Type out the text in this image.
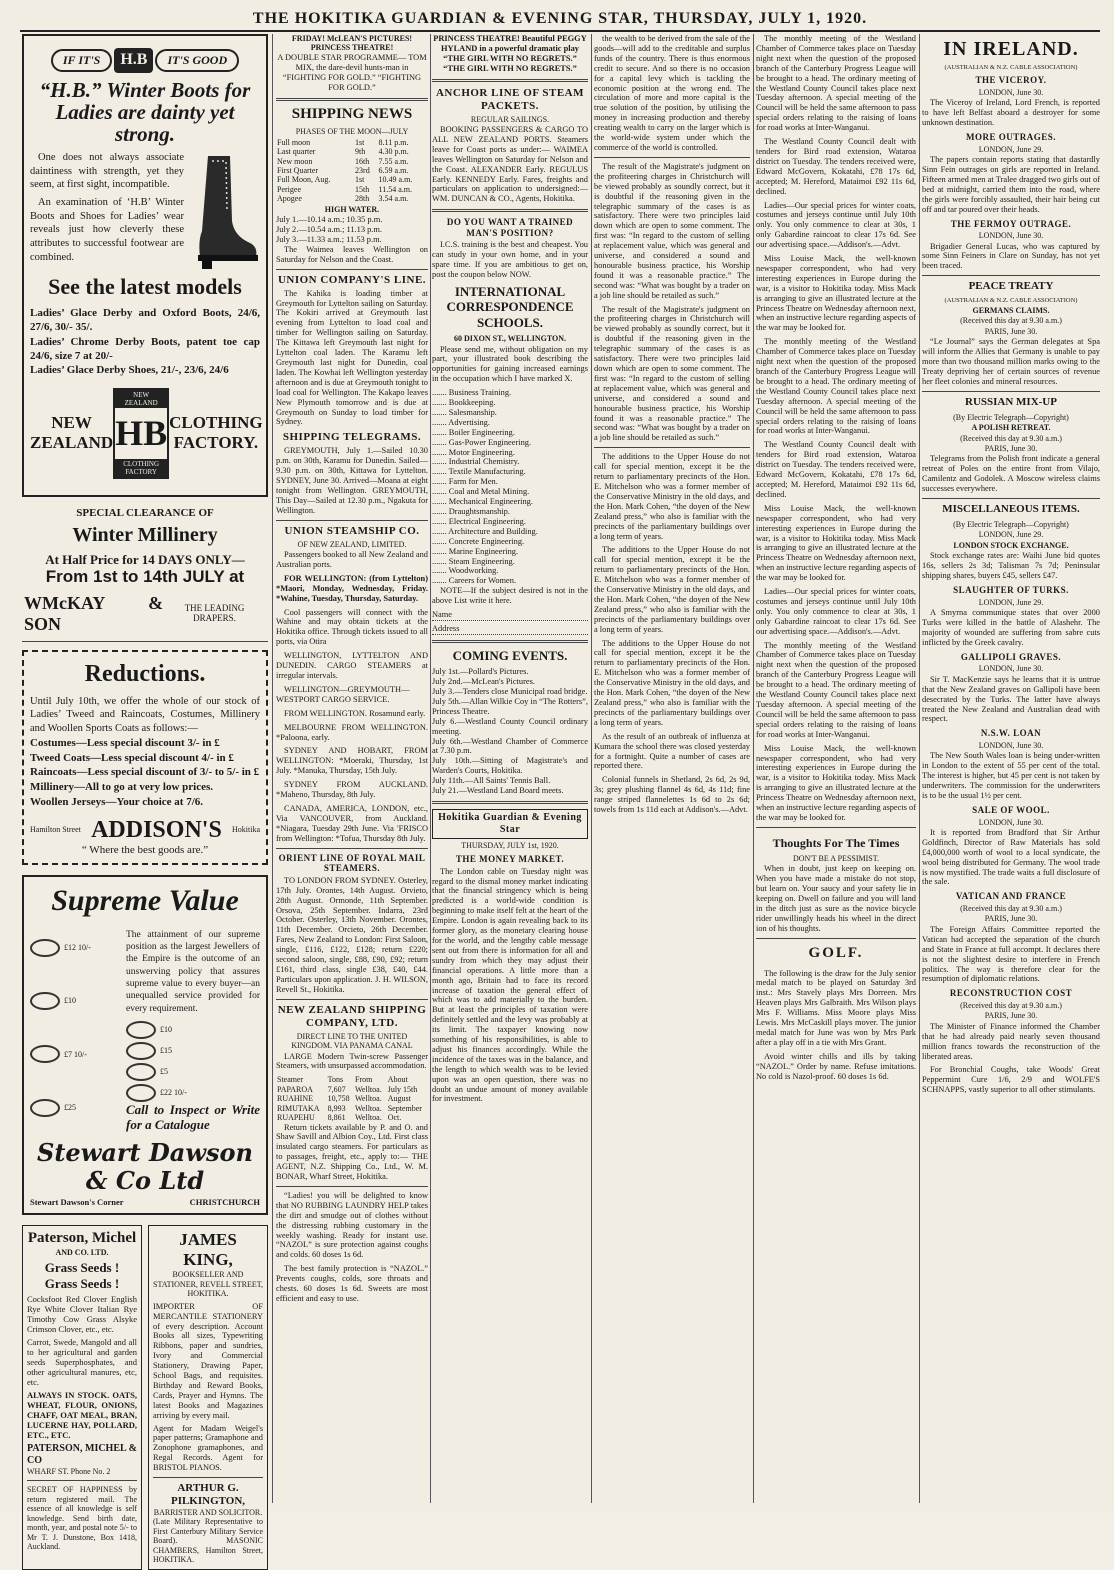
THE HOKITIKA GUARDIAN & EVENING STAR, THURSDAY, JULY 1, 1920.
IF IT'S	H.B	IT'S GOOD
“H.B.” Winter Boots for Ladies are dainty yet strong.

One does not always associate daintiness with strength, yet they seem, at first sight, incompatible.

An examination of ‘H.B’ Winter Boots and Shoes for Ladies’ wear reveals just how cleverly these attributes to successful footwear are combined.

See the latest models
Ladies’ Glace Derby and Oxford Boots, 24/6, 27/6, 30/- 35/.
Ladies’ Chrome Derby Boots, patent toe cap 24/6, size 7 at 20/-
Ladies’ Glace Derby Shoes, 21/-, 23/6, 24/6
NEW ZEALAND
NEW ZEALAND
HB
CLOTHING FACTORY
CLOTHING FACTORY.
SPECIAL CLEARANCE OF
Winter Millinery
At Half Price for 14 DAYS ONLY—
From 1st to 14th JULY at
WMcKAY & SON
THE LEADING DRAPERS.
Reductions.
Until July 10th, we offer the whole of our stock of Ladies’ Tweed and Raincoats, Costumes, Millinery and Woollen Sports Coats as follows:—
Costumes—Less special discount 3/- in £
Tweed Coats—Less special discount 4/- in £
Raincoats—Less special discount of 3/- to 5/- in £
Millinery—All to go at very low prices.
Woollen Jerseys—Your choice at 7/6.
Hamilton Street ADDISON'S Hokitika
“ Where the best goods are.”
Supreme Value
£12 10/-
£10
£7 10/-
£25
The attainment of our supreme position as the largest Jewellers of the Empire is the outcome of an unswerving policy that assures supreme value to every buyer—an unequalled service provided for every requirement.
£10
£15
£5
£22 10/-
Call to Inspect or Write for a Catalogue
Stewart Dawson & Co Ltd
Stewart Dawson's Corner	CHRISTCHURCH
Paterson, Michel
AND CO. LTD.
Grass Seeds ! Grass Seeds !
Cocksfoot Red Clover English Rye White Clover Italian Rye Timothy Cow Grass Alsyke Crimson Clover, etc., etc.
Carrot, Swede, Mangold and all to her agricultural and garden seeds Superphosphates, and other agricultural manures, etc, etc.
ALWAYS IN STOCK. OATS, WHEAT, FLOUR, ONIONS, CHAFF, OAT MEAL, BRAN, LUCERNE HAY, POLLARD, ETC., ETC.
PATERSON, MICHEL & CO
WHARF ST. Phone No. 2
SECRET OF HAPPINESS by return registered mail. The essence of all knowledge is self knowledge. Send birth date, month, year, and postal note 5/- to Mr T. J. Dunstone, Box 1418, Auckland.
JAMES KING,
BOOKSELLER AND STATIONER, REVELL STREET, HOKITIKA.
IMPORTER OF MERCANTILE STATIONERY of every description. Account Books all sizes, Typewriting Ribbons, paper and sundries, Ivory and Commercial Stationery, Drawing Paper, School Bags, and requisites. Birthday and Reward Books, Cards, Prayer and Hymns. The latest Books and Magazines arriving by every mail.
Agent for Madam Weigel's paper patterns; Gramaphone and Zonophone gramaphones, and Regal Records. Agent for BRISTOL PIANOS.
ARTHUR G. PILKINGTON,
BARRISTER AND SOLICITOR.
(Late Military Representative to First Canterbury Military Service Board). MASONIC CHAMBERS, Hamilton Street, HOKITIKA.
FRIDAY! McLEAN'S PICTURES! PRINCESS THEATRE!
A DOUBLE STAR PROGRAMME— TOM MIX, the dare-devil hunts-man in “FIGHTING FOR GOLD.” “FIGHTING FOR GOLD.”
SHIPPING NEWS
PHASES OF THE MOON—JULY
Full moon	1st	8.11 p.m.
Last quarter	9th	4.30 p.m.
New moon	16th	7.55 a.m.
First Quarter	23rd	6.59 a.m.
Full Moon, Aug.	1st	10.49 a.m.
Perigee	15th	11.54 a.m.
Apogee	28th	3.54 a.m.
HIGH WATER.
July 1.—10.14 a.m.; 10.35 p.m.
July 2.—10.54 a.m.; 11.13 p.m.
July 3.—11.33 a.m.; 11.53 p.m.

The Waimea leaves Wellington on Saturday for Nelson and the Coast.

UNION COMPANY'S LINE.

The Kahika is loading timber at Greymouth for Lyttelton sailing on Saturday. The Kokiri arrived at Greymouth last evening from Lyttelton to load coal and timber for Wellington sailing on Saturday. The Kittawa left Greymouth last night for Lyttelton coal laden. The Karamu left Greymouth last night for Dunedin, coal laden. The Kowhai left Wellington yesterday afternoon and is due at Greymouth tonight to load coal for Wellington. The Kakapo leaves New Plymouth tomorrow and is due at Greymouth on Sunday to load timber for Sydney.

SHIPPING TELEGRAMS.

GREYMOUTH, July 1.—Sailed 10.30 p.m. on 30th, Karamu for Dunedin. Sailed—9.30 p.m. on 30th, Kittawa for Lyttelton. SYDNEY, June 30. Arrived—Moana at eight tonight from Wellington. GREYMOUTH, This Day—Sailed at 12.30 p.m., Ngakuta for Wellington.

UNION STEAMSHIP CO.
OF NEW ZEALAND, LIMITED.

Passengers booked to all New Zealand and Australian ports.

FOR WELLINGTON: (from Lyttelton) *Maori, Monday, Wednesday, Friday. *Wahine, Tuesday, Thursday, Saturday.

Cool passengers will connect with the Wahine and may obtain tickets at the Hokitika office. Through tickets issued to all ports, via Otira

WELLINGTON, LYTTELTON AND DUNEDIN. CARGO STEAMERS at irregular intervals.

WELLINGTON—GREYMOUTH—WESTPORT CARGO SERVICE.

FROM WELLINGTON. Rosamund early.

MELBOURNE FROM WELLINGTON. *Paloona, early.

SYDNEY AND HOBART, FROM WELLINGTON: *Moeraki, Thursday, 1st July. *Manuka, Thursday, 15th July.

SYDNEY FROM AUCKLAND. *Maheno, Thursday, 8th July.

CANADA, AMERICA, LONDON, etc., Via VANCOUVER, from Auckland. *Niagara, Tuesday 29th June. Via 'FRISCO from Wellington: *Tofua, Thursday 8th July.

ORIENT LINE OF ROYAL MAIL STEAMERS.

TO LONDON FROM SYDNEY. Osterley, 17th July. Orontes, 14th August. Orvieto, 28th August. Ormonde, 11th September. Orsova, 25th September. Indarra, 23rd October. Osterley, 13th November. Orontes, 11th December. Orcieto, 26th December. Fares, New Zealand to London: First Saloon, single, £116, £122, £128; return £220; second saloon, single, £88, £90, £92; return £161, third class, single £38, £40, £44. Particulars upon application. J. H. WILSON, Revell St., Hokitika.

NEW ZEALAND SHIPPING COMPANY, LTD.
DIRECT LINE TO THE UNITED KINGDOM. VIA PANAMA CANAL

LARGE Modern Twin-screw Passenger Steamers, with unsurpassed accommodation.

Steamer	Tons	From	About
PAPAROA	7,607	Welltoa.	July 15th
RUAHINE	10,758	Welltoa.	August
RIMUTAKA	8,993	Welltoa.	September
RUAPEHU	8,861	Welltoa.	Oct.

Return tickets available by P. and O. and Shaw Savill and Albion Coy., Ltd. First class insulated cargo steamers. For particulars as to passages, freight, etc., apply to:— THE AGENT, N.Z. Shipping Co., Ltd., W. M. BONAR, Wharf Street, Hokitika.

“Ladies! you will be delighted to know that NO RUBBING LAUNDRY HELP takes the dirt and smudge out of clothes without the distressing rubbing customary in the weekly washing. Ready for instant use. “NAZOL” is sure protection against coughs and colds. 60 doses 1s 6d.

The best family protection is “NAZOL.” Prevents coughs, colds, sore throats and chests. 60 doses 1s 6d. Sweets are most efficient and easy to use.

PRINCESS THEATRE! Beautiful PEGGY HYLAND in a powerful dramatic play “THE GIRL WITH NO REGRETS.” “THE GIRL WITH NO REGRETS.”
ANCHOR LINE OF STEAM PACKETS.
REGULAR SAILINGS.

BOOKING PASSENGERS & CARGO TO ALL NEW ZEALAND PORTS. Steamers leave for Coast ports as under:— WAIMEA leaves Wellington on Saturday for Nelson and the Coast. ALEXANDER Early. REGULUS Early. KENNEDY Early. Fares, freights and particulars on application to undersigned:— WM. DUNCAN & CO., Agents, Hokitika.

DO YOU WANT A TRAINED MAN'S POSITION?

I.C.S. training is the best and cheapest. You can study in your own home, and in your spare time. If you are ambitious to get on, post the coupon below NOW.

INTERNATIONAL CORRESPONDENCE SCHOOLS.
60 DIXON ST., WELLINGTON.

Please send me, without obligation on my part, your illustrated book describing the opportunities for gaining increased earnings in the occupation which I have marked X.

....... Business Training.
....... Bookkeeping.
....... Salesmanship.
....... Advertising.
....... Boiler Engineering.
....... Gas-Power Engineering.
....... Motor Engineering.
....... Industrial Chemistry.
....... Textile Manufacturing.
....... Farm for Men.
....... Coal and Metal Mining.
....... Mechanical Engineering.
....... Draughtsmanship.
....... Electrical Engineering.
....... Architecture and Building.
....... Concrete Engineering.
....... Marine Engineering.
....... Steam Engineering.
....... Woodworking.
....... Careers for Women.

NOTE—If the subject desired is not in the above List write it here.

Name
Address
COMING EVENTS.
July 1st.—Pollard's Pictures.
July 2nd.—McLean's Pictures.
July 3.—Tenders close Municipal road bridge.
July 5th.—Allan Wilkie Coy in “The Rotters”, Princess Theatre.
July 6.—Westland County Council ordinary meeting.
July 6th.—Westland Chamber of Commerce at 7.30 p.m.
July 10th.—Sitting of Magistrate's and Warden's Courts, Hokitika.
July 11th.—All Saints' Tennis Ball.
July 21.—Westland Land Board meets.
Hokitika Guardian & Evening Star
THURSDAY, JULY 1st, 1920.
THE MONEY MARKET.

The London cable on Tuesday night was regard to the dismal money market indicating that the financial stringency which is being predicted is a world-wide condition is beginning to make itself felt at the heart of the Empire. London is again revealing back to its former glory, as the monetary clearing house for the world, and the lengthy cable message sent out from there is information for all and sundry from which they may adjust their financial operations. A little more than a month ago, Britain had to face its record increase of taxation the general effect of which was to add materially to the burden. But at least the principles of taxation were definitely settled and the levy was probably at its limit. The taxpayer knowing now something of his responsibilities, is able to adjust his finances accordingly. While the incidence of the taxes was in the balance, and the length to which wealth was to be levied upon was an open question, there was no doubt an undue amount of money available for investment.

the wealth to be derived from the sale of the goods—will add to the creditable and surplus funds of the country. There is thus enormous credit to secure. And so there is no occasion for a capital levy which is tackling the economic position at the wrong end. The circulation of more and more capital is the true solution of the position, by utilising the money in increasing production and thereby creating wealth to carry on the larger which is the world-wide system under which the commerce of the world is controlled.

The result of the Magistrate's judgment on the profiteering charges in Christchurch will be viewed probably as soundly correct, but it is doubtful if the reasoning given in the telegraphic summary of the cases is as satisfactory. There were two principles laid down which are open to some comment. The first was: “In regard to the custom of selling at replacement value, which was general and universe, and considered a sound and honourable business practice, his Worship found it was a reasonable practice.” The second was: “What was bought by a trader on a job line should be retailed as such.”

The result of the Magistrate's judgment on the profiteering charges in Christchurch will be viewed probably as soundly correct, but it is doubtful if the reasoning given in the telegraphic summary of the cases is as satisfactory. There were two principles laid down which are open to some comment. The first was: “In regard to the custom of selling at replacement value, which was general and universe, and considered a sound and honourable business practice, his Worship found it was a reasonable practice.” The second was: “What was bought by a trader on a job line should be retailed as such.”

The additions to the Upper House do not call for special mention, except it be the return to parliamentary precincts of the Hon. E. Mitchelson who was a former member of the Conservative Ministry in the old days, and the Hon. Mark Cohen, “the doyen of the New Zealand press,” who also is familiar with the precincts of the parliamentary buildings over a long term of years.

The additions to the Upper House do not call for special mention, except it be the return to parliamentary precincts of the Hon. E. Mitchelson who was a former member of the Conservative Ministry in the old days, and the Hon. Mark Cohen, “the doyen of the New Zealand press,” who also is familiar with the precincts of the parliamentary buildings over a long term of years.

The additions to the Upper House do not call for special mention, except it be the return to parliamentary precincts of the Hon. E. Mitchelson who was a former member of the Conservative Ministry in the old days, and the Hon. Mark Cohen, “the doyen of the New Zealand press,” who also is familiar with the precincts of the parliamentary buildings over a long term of years.

As the result of an outbreak of influenza at Kumara the school there was closed yesterday for a fortnight. Quite a number of cases are reported there.

Colonial funnels in Shetland, 2s 6d, 2s 9d, 3s; grey plushing flannel 4s 6d, 4s 11d; fine range striped flannelettes 1s 6d to 2s 6d; towels from 1s 11d each at Addison's.—Advt.

The monthly meeting of the Westland Chamber of Commerce takes place on Tuesday night next when the question of the proposed branch of the Canterbury Progress League will be brought to a head. The ordinary meeting of the Westland County Council takes place next Tuesday afternoon. A special meeting of the Council will be held the same afternoon to pass special orders relating to the raising of loans for road works at Inter-Wanganui.

The Westland County Council dealt with tenders for Bird road extension, Wataroa district on Tuesday. The tenders received were, Edward McGovern, Kokatahi, £78 17s 6d, accepted; M. Hereford, Mataimoi £92 11s 6d, declined.

Ladies—Our special prices for winter coats, costumes and jerseys continue until July 10th only. You only commence to clear at 30s, 1 only Gabardine raincoat to clear 17s 6d. See our advertising space.—Addison's.—Advt.

Miss Louise Mack, the well-known newspaper correspondent, who had very interesting experiences in Europe during the war, is a visitor to Hokitika today. Miss Mack is arranging to give an illustrated lecture at the Princess Theatre on Wednesday afternoon next, when an instructive lecture regarding aspects of the war may be looked for.

The monthly meeting of the Westland Chamber of Commerce takes place on Tuesday night next when the question of the proposed branch of the Canterbury Progress League will be brought to a head. The ordinary meeting of the Westland County Council takes place next Tuesday afternoon. A special meeting of the Council will be held the same afternoon to pass special orders relating to the raising of loans for road works at Inter-Wanganui.

The Westland County Council dealt with tenders for Bird road extension, Wataroa district on Tuesday. The tenders received were, Edward McGovern, Kokatahi, £78 17s 6d, accepted; M. Hereford, Mataimoi £92 11s 6d, declined.

Miss Louise Mack, the well-known newspaper correspondent, who had very interesting experiences in Europe during the war, is a visitor to Hokitika today. Miss Mack is arranging to give an illustrated lecture at the Princess Theatre on Wednesday afternoon next, when an instructive lecture regarding aspects of the war may be looked for.

Ladies—Our special prices for winter coats, costumes and jerseys continue until July 10th only. You only commence to clear at 30s, 1 only Gabardine raincoat to clear 17s 6d. See our advertising space.—Addison's.—Advt.

The monthly meeting of the Westland Chamber of Commerce takes place on Tuesday night next when the question of the proposed branch of the Canterbury Progress League will be brought to a head. The ordinary meeting of the Westland County Council takes place next Tuesday afternoon. A special meeting of the Council will be held the same afternoon to pass special orders relating to the raising of loans for road works at Inter-Wanganui.

Miss Louise Mack, the well-known newspaper correspondent, who had very interesting experiences in Europe during the war, is a visitor to Hokitika today. Miss Mack is arranging to give an illustrated lecture at the Princess Theatre on Wednesday afternoon next, when an instructive lecture regarding aspects of the war may be looked for.

Thoughts For The Times
DON'T BE A PESSIMIST.

When in doubt, just keep on keeping on. When you have made a mistake do not stop, but learn on. Your saucy and your safety lie in keeping on. Dwell on failure and you will land in the ditch just as sure as the novice bicycle rider unwillingly heads his wheel in the direct ion of his thoughts.

GOLF.

The following is the draw for the July senior medal match to be played on Saturday 3rd inst.: Mrs Stavely plays Mrs Dorreen. Mrs Heaven plays Mrs Galbraith. Mrs Wilson plays Mrs F. Williams. Miss Moore plays Miss Lewis. Mrs McCaskill plays mover. The junior medal match for June was won by Mrs Park after a play off in a tie with Mrs Grant.

Avoid winter chills and ills by taking “NAZOL.” Order by name. Refuse imitations. No cold is Nazol-proof. 60 doses 1s 6d.

IN IRELAND.
(AUSTRALIAN & N.Z. CABLE ASSOCIATION)
THE VICEROY.
LONDON, June 30.

The Viceroy of Ireland, Lord French, is reported to have left Belfast aboard a destroyer for some unknown destination.

MORE OUTRAGES.
LONDON, June 29.

The papers contain reports stating that dastardly Sinn Fein outrages on girls are reported in Ireland. Fifteen armed men at Tralee dragged two girls out of bed at midnight, carried them into the road, where the girls were forcibly assaulted, their hair being cut off and tar poured over their heads.

THE FERMOY OUTRAGE.
LONDON, June 30.

Brigadier General Lucas, who was captured by some Sinn Feiners in Clare on Sunday, has not yet been traced.

PEACE TREATY
(AUSTRALIAN & N.Z. CABLE ASSOCIATION)
GERMANS CLAIMS.
(Received this day at 9.30 a.m.)
PARIS, June 30.

“Le Journal” says the German delegates at Spa will inform the Allies that Germany is unable to pay more than two thousand million marks owing to the Treaty depriving her of certain sources of revenue her fleet colonies and mineral resources.

RUSSIAN MIX-UP
(By Electric Telegraph—Copyright)
A POLISH RETREAT.
(Received this day at 9.30 a.m.)
PARIS, June 30.

Telegrams from the Polish front indicate a general retreat of Poles on the entire front from Vilajo, Camilentz and Godolek. A Moscow wireless claims successes everywhere.

MISCELLANEOUS ITEMS.
(By Electric Telegraph—Copyright)
LONDON, June 29.
LONDON STOCK EXCHANGE.

Stock exchange rates are: Waihi June bid quotes 16s, sellers 2s 3d; Talisman 7s 7d; Peninsular shipping shares, buyers £45, sellers £47.

SLAUGHTER OF TURKS.
LONDON, June 29.

A Smyrna communique states that over 2000 Turks were killed in the battle of Alashehr. The majority of wounded are suffering from sabre cuts inflicted by the Greek cavalry.

GALLIPOLI GRAVES.
LONDON, June 30.

Sir T. MacKenzie says he learns that it is untrue that the New Zealand graves on Gallipoli have been desecrated by the Turks. The latter have always treated the New Zealand and Australian dead with respect.

N.S.W. LOAN
LONDON, June 30.

The New South Wales loan is being under-written in London to the extent of 55 per cent of the total. The interest is higher, but 45 per cent is not taken by underwriters. The commission for the underwriters is to be the usual 1½ per cent.

SALE OF WOOL.
LONDON, June 30.

It is reported from Bradford that Sir Arthur Goldfinch, Director of Raw Materials has sold £4,000,000 worth of wool to a local syndicate, the wool being distributed for Germany. The wool trade is now mystified. The trade waits a full disclosure of the sale.

VATICAN AND FRANCE
(Received this day at 9.30 a.m.)
PARIS, June 30.

The Foreign Affairs Committee reported the Vatican had accepted the separation of the church and State in France at full accompt. It declares there is not the slightest desire to interfere in French politics. The way is therefore clear for the resumption of diplomatic relations.

RECONSTRUCTION COST
(Received this day at 9.30 a.m.)
PARIS, June 30.

The Minister of Finance informed the Chamber that he had already paid nearly seven thousand million francs towards the reconstruction of the liberated areas.

For Bronchial Coughs, take Woods' Great Peppermint Cure 1/6, 2/9 and WOLFE'S SCHNAPPS, vastly superior to all other stimulants.
